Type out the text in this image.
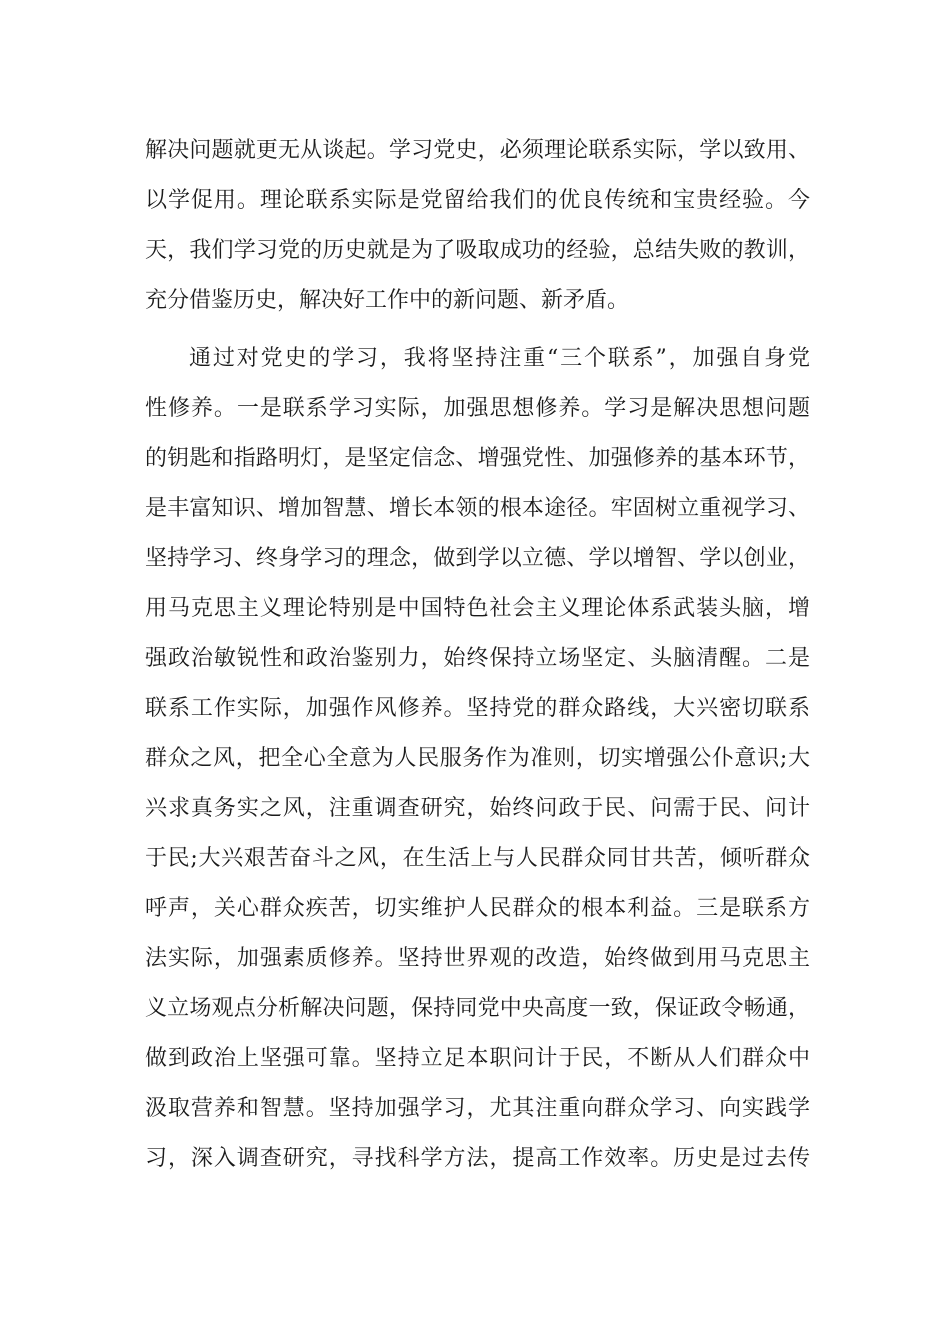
解决问题就更无从谈起。学习党史，必须理论联系实际，学以致用、
以学促用。理论联系实际是党留给我们的优良传统和宝贵经验。今
天，我们学习党的历史就是为了吸取成功的经验，总结失败的教训，
充分借鉴历史，解决好工作中的新问题、新矛盾。
通过对党史的学习，我将坚持注重“三个联系”，加强自身党
性修养。一是联系学习实际，加强思想修养。学习是解决思想问题
的钥匙和指路明灯，是坚定信念、增强党性、加强修养的基本环节，
是丰富知识、增加智慧、增长本领的根本途径。牢固树立重视学习、
坚持学习、终身学习的理念，做到学以立德、学以增智、学以创业，
用马克思主义理论特别是中国特色社会主义理论体系武装头脑，增
强政治敏锐性和政治鉴别力，始终保持立场坚定、头脑清醒。二是
联系工作实际，加强作风修养。坚持党的群众路线，大兴密切联系
群众之风，把全心全意为人民服务作为准则，切实增强公仆意识;大
兴求真务实之风，注重调查研究，始终问政于民、问需于民、问计
于民;大兴艰苦奋斗之风，在生活上与人民群众同甘共苦，倾听群众
呼声，关心群众疾苦，切实维护人民群众的根本利益。三是联系方
法实际，加强素质修养。坚持世界观的改造，始终做到用马克思主
义立场观点分析解决问题，保持同党中央高度一致，保证政令畅通，
做到政治上坚强可靠。坚持立足本职问计于民，不断从人们群众中
汲取营养和智慧。坚持加强学习，尤其注重向群众学习、向实践学
习，深入调查研究，寻找科学方法，提高工作效率。历史是过去传
